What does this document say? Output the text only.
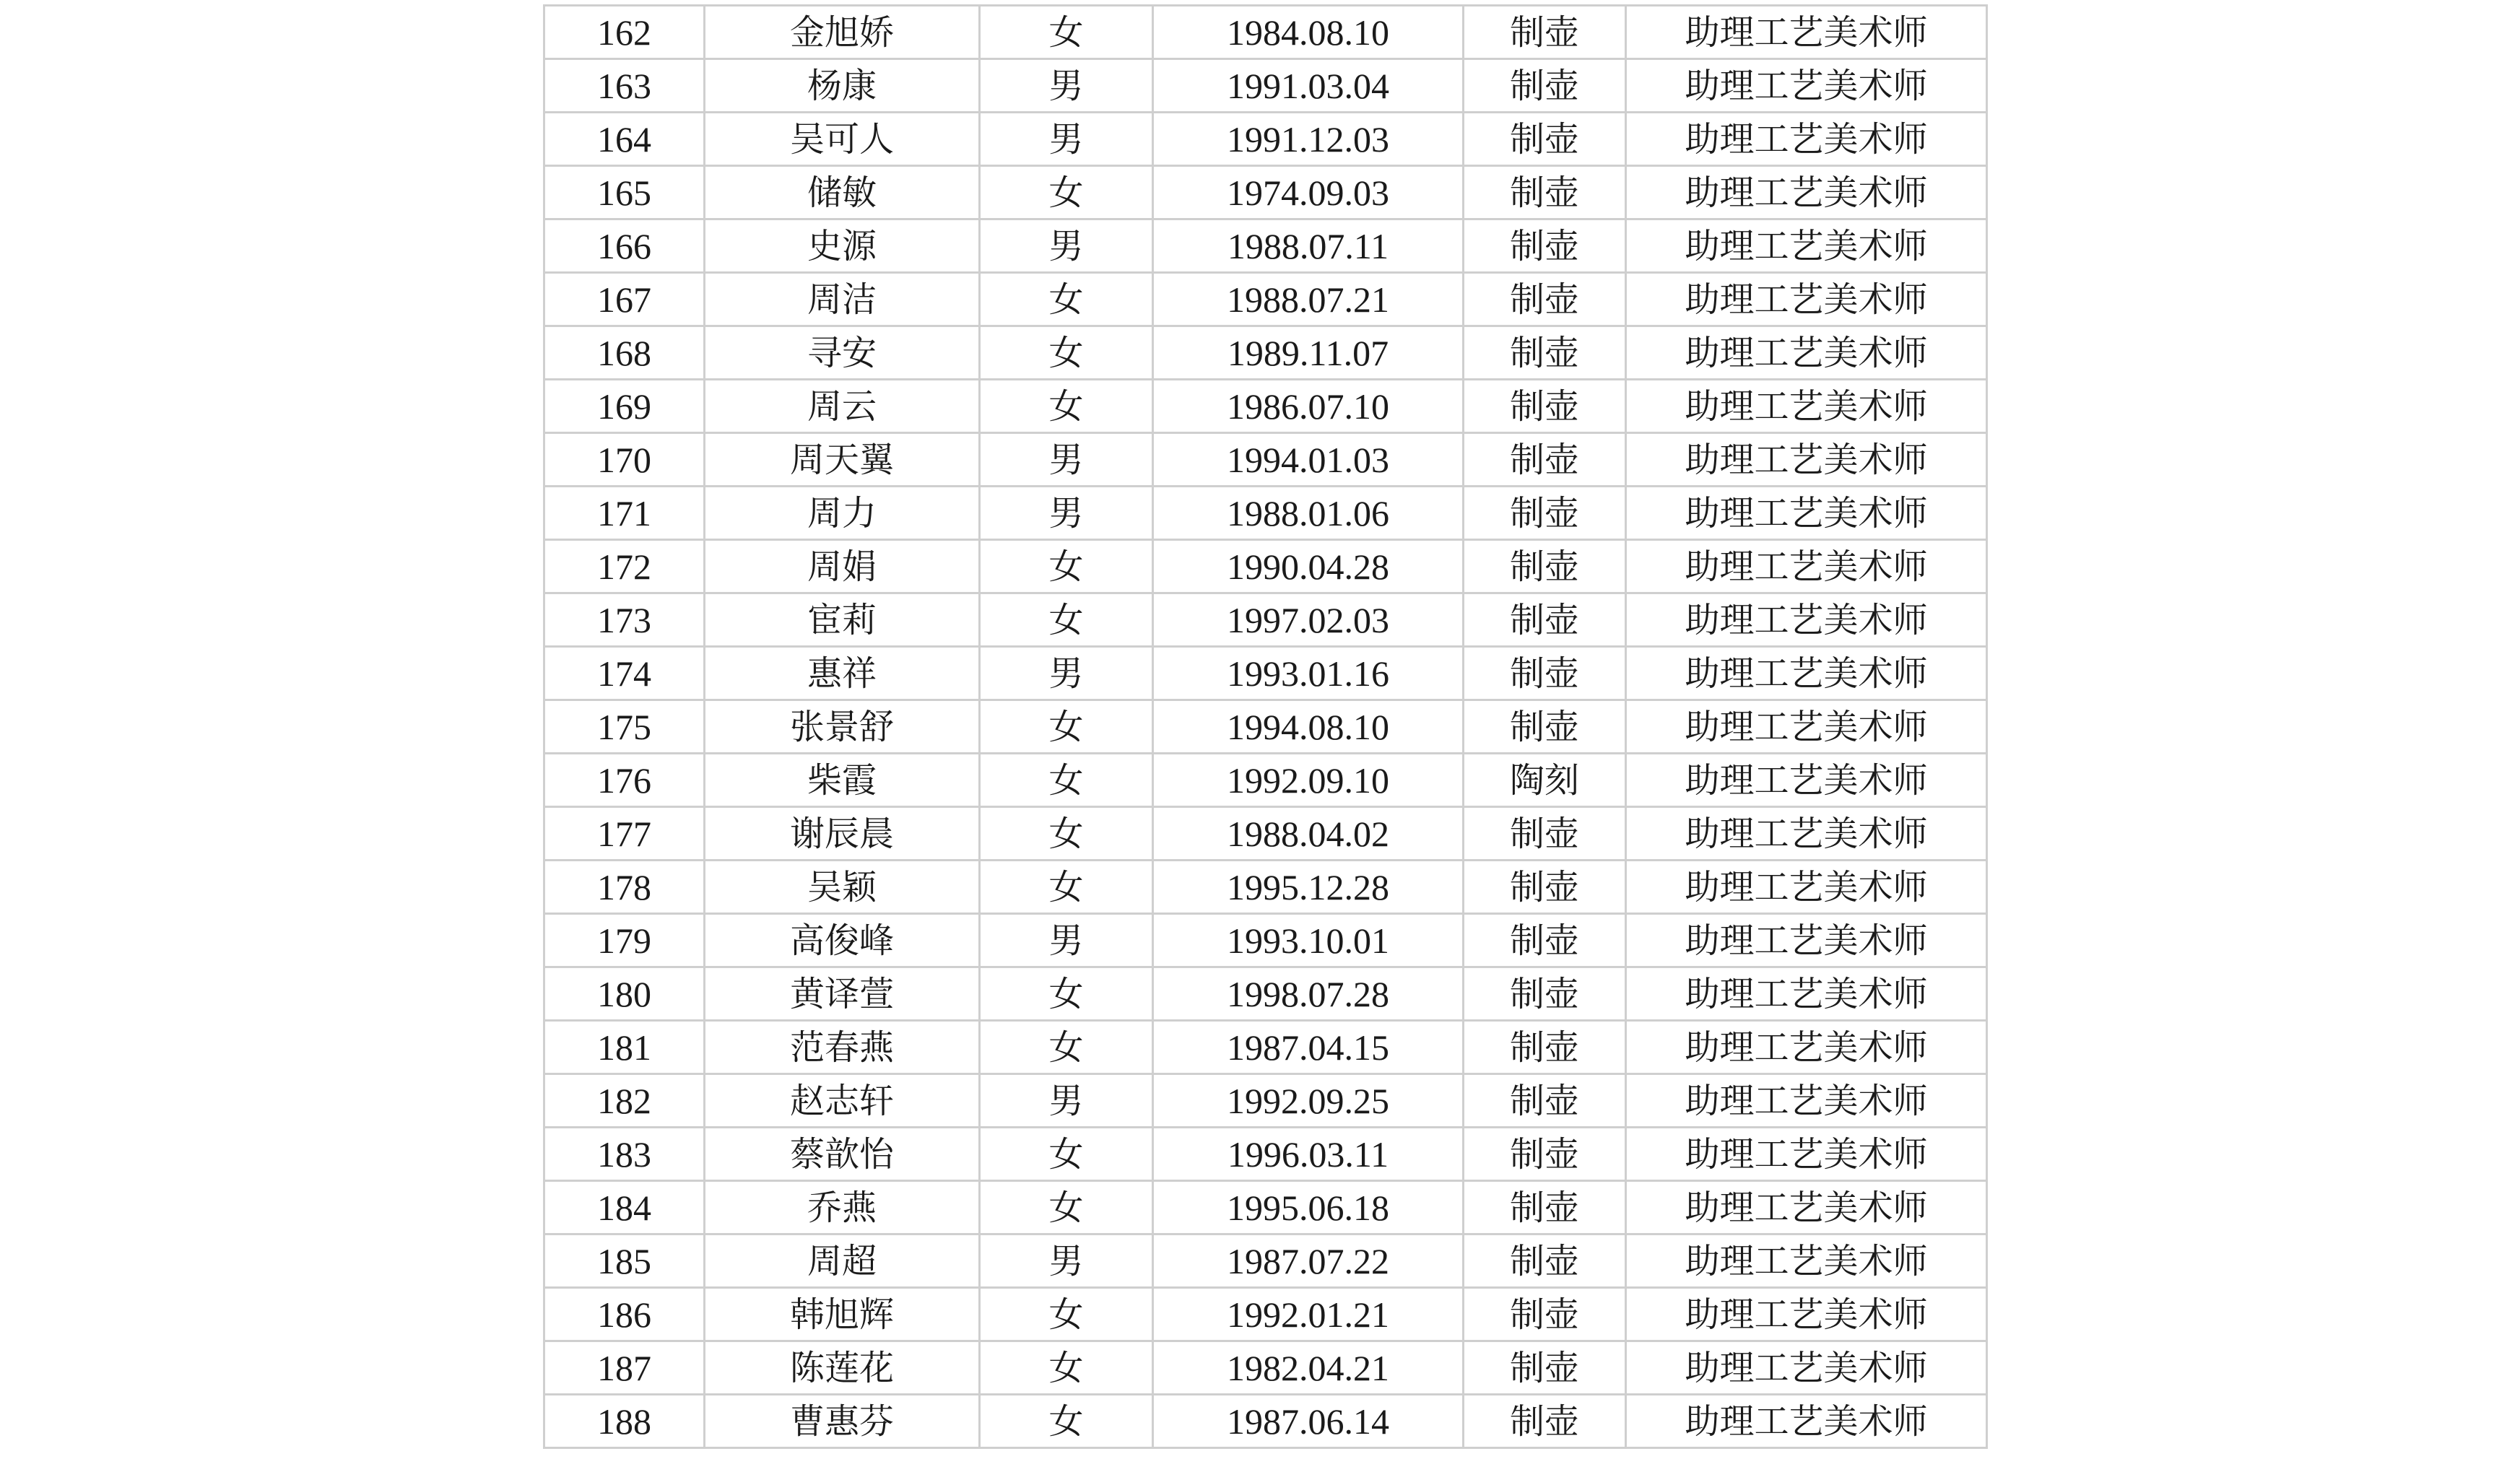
162	金旭娇	女	1984.08.10	制壶	助理工艺美术师
163	杨康	男	1991.03.04	制壶	助理工艺美术师
164	吴可人	男	1991.12.03	制壶	助理工艺美术师
165	储敏	女	1974.09.03	制壶	助理工艺美术师
166	史源	男	1988.07.11	制壶	助理工艺美术师
167	周洁	女	1988.07.21	制壶	助理工艺美术师
168	寻安	女	1989.11.07	制壶	助理工艺美术师
169	周云	女	1986.07.10	制壶	助理工艺美术师
170	周天翼	男	1994.01.03	制壶	助理工艺美术师
171	周力	男	1988.01.06	制壶	助理工艺美术师
172	周娟	女	1990.04.28	制壶	助理工艺美术师
173	宦莉	女	1997.02.03	制壶	助理工艺美术师
174	惠祥	男	1993.01.16	制壶	助理工艺美术师
175	张景舒	女	1994.08.10	制壶	助理工艺美术师
176	柴霞	女	1992.09.10	陶刻	助理工艺美术师
177	谢辰晨	女	1988.04.02	制壶	助理工艺美术师
178	吴颖	女	1995.12.28	制壶	助理工艺美术师
179	高俊峰	男	1993.10.01	制壶	助理工艺美术师
180	黄译萱	女	1998.07.28	制壶	助理工艺美术师
181	范春燕	女	1987.04.15	制壶	助理工艺美术师
182	赵志轩	男	1992.09.25	制壶	助理工艺美术师
183	蔡歆怡	女	1996.03.11	制壶	助理工艺美术师
184	乔燕	女	1995.06.18	制壶	助理工艺美术师
185	周超	男	1987.07.22	制壶	助理工艺美术师
186	韩旭辉	女	1992.01.21	制壶	助理工艺美术师
187	陈莲花	女	1982.04.21	制壶	助理工艺美术师
188	曹惠芬	女	1987.06.14	制壶	助理工艺美术师
